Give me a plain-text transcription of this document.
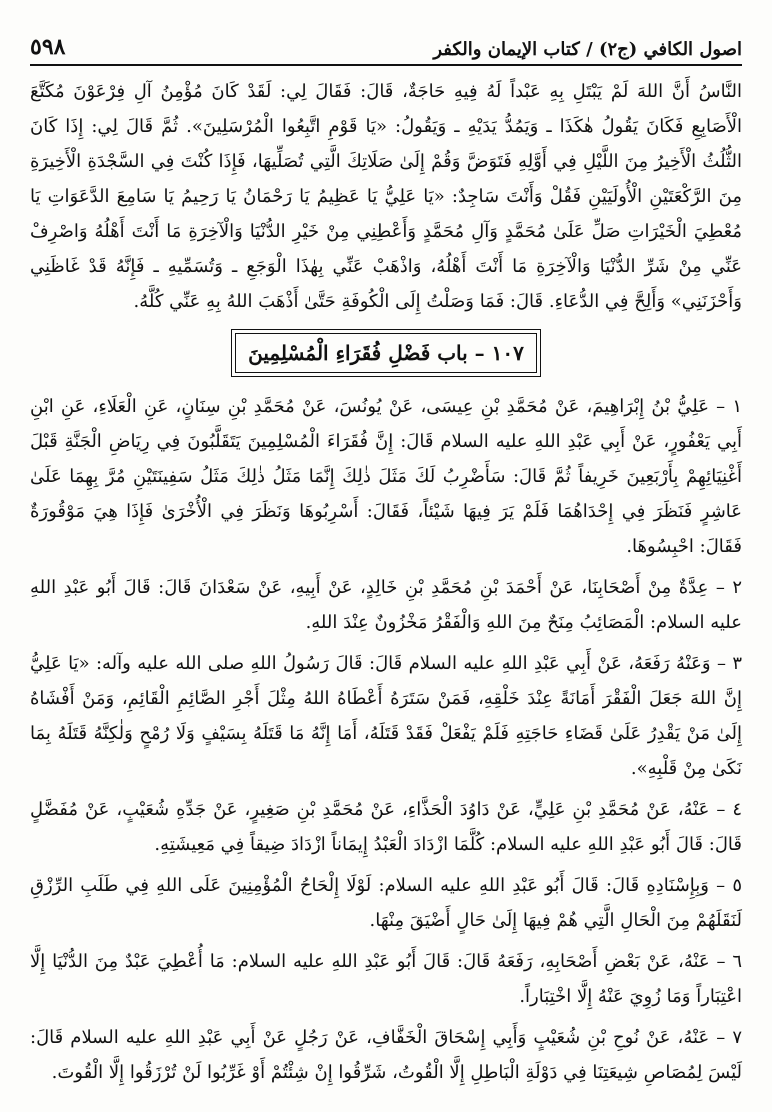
٥٩٨	اصول الكافي (ج٢) / كتاب الإيمان والكفر

النَّاسُ أَنَّ اللهَ لَمْ يَبْتَلِ بِهِ عَبْداً لَهُ فِيهِ حَاجَةٌ، قَالَ: فَقَالَ لِي: لَقَدْ كَانَ مُؤْمِنُ آلِ فِرْعَوْنَ مُكَتَّعَ الْأَصَابِعِ فَكَانَ يَقُولُ هٰكَذَا ـ وَيَمُدُّ يَدَيْهِ ـ وَيَقُولُ: «يَا قَوْمِ اتَّبِعُوا الْمُرْسَلِينَ». ثُمَّ قَالَ لِي: إِذَا كَانَ الثُّلُثُ الْأَخِيرُ مِنَ اللَّيْلِ فِي أَوَّلِهِ فَتَوَضَّ وَقُمْ إِلَىٰ صَلَاتِكَ الَّتِي تُصَلِّيهَا، فَإِذَا كُنْتَ فِي السَّجْدَةِ الْأَخِيرَةِ مِنَ الرَّكْعَتَيْنِ الْأُولَيَيْنِ فَقُلْ وَأَنْتَ سَاجِدٌ: «يَا عَلِيُّ يَا عَظِيمُ يَا رَحْمَانُ يَا رَحِيمُ يَا سَامِعَ الدَّعَوَاتِ يَا مُعْطِيَ الْخَيْرَاتِ صَلِّ عَلَىٰ مُحَمَّدٍ وَآلِ مُحَمَّدٍ وَأَعْطِنِي مِنْ خَيْرِ الدُّنْيَا وَالْآخِرَةِ مَا أَنْتَ أَهْلُهُ وَاصْرِفْ عَنِّي مِنْ شَرِّ الدُّنْيَا وَالْآخِرَةِ مَا أَنْتَ أَهْلُهُ، وَاذْهَبْ عَنِّي بِهٰذَا الْوَجَعِ ـ وَتُسَمِّيهِ ـ فَإِنَّهُ قَدْ غَاظَنِي وَأَحْزَنَنِي» وَأَلِحَّ فِي الدُّعَاءِ. قَالَ: فَمَا وَصَلْتُ إِلَى الْكُوفَةِ حَتَّىٰ أَذْهَبَ اللهُ بِهِ عَنِّي كُلَّهُ.

١٠٧ – باب فَضْلِ فُقَرَاءِ الْمُسْلِمِينَ

١ – عَلِيُّ بْنُ إِبْرَاهِيمَ، عَنْ مُحَمَّدِ بْنِ عِيسَى، عَنْ يُونُسَ، عَنْ مُحَمَّدِ بْنِ سِنَانٍ، عَنِ الْعَلَاءِ، عَنِ ابْنِ أَبِي يَعْفُورٍ، عَنْ أَبِي عَبْدِ اللهِ عليه السلام قَالَ: إِنَّ فُقَرَاءَ الْمُسْلِمِينَ يَتَقَلَّبُونَ فِي رِيَاضِ الْجَنَّةِ قَبْلَ أَغْنِيَائِهِمْ بِأَرْبَعِينَ خَرِيفاً ثُمَّ قَالَ: سَأَضْرِبُ لَكَ مَثَلَ ذٰلِكَ إِنَّمَا مَثَلُ ذٰلِكَ مَثَلُ سَفِينَتَيْنِ مُرَّ بِهِمَا عَلَىٰ عَاشِرٍ فَنَظَرَ فِي إِحْدَاهُمَا فَلَمْ يَرَ فِيهَا شَيْئاً، فَقَالَ: أَسْرِبُوهَا وَنَظَرَ فِي الْأُخْرَىٰ فَإِذَا هِيَ مَوْقُورَةٌ فَقَالَ: احْبِسُوهَا.

٢ – عِدَّةٌ مِنْ أَصْحَابِنَا، عَنْ أَحْمَدَ بْنِ مُحَمَّدِ بْنِ خَالِدٍ، عَنْ أَبِيهِ، عَنْ سَعْدَانَ قَالَ: قَالَ أَبُو عَبْدِ اللهِ عليه السلام: الْمَصَائِبُ مِنَحٌ مِنَ اللهِ وَالْفَقْرُ مَخْزُونٌ عِنْدَ اللهِ.

٣ – وَعَنْهُ رَفَعَهُ، عَنْ أَبِي عَبْدِ اللهِ عليه السلام قَالَ: قَالَ رَسُولُ اللهِ صلى الله عليه وآله: «يَا عَلِيُّ إِنَّ اللهَ جَعَلَ الْفَقْرَ أَمَانَةً عِنْدَ خَلْقِهِ، فَمَنْ سَتَرَهُ أَعْطَاهُ اللهُ مِثْلَ أَجْرِ الصَّائِمِ الْقَائِمِ، وَمَنْ أَفْشَاهُ إِلَىٰ مَنْ يَقْدِرُ عَلَىٰ قَضَاءِ حَاجَتِهِ فَلَمْ يَفْعَلْ فَقَدْ قَتَلَهُ، أَمَا إِنَّهُ مَا قَتَلَهُ بِسَيْفٍ وَلَا رُمْحٍ وَلٰكِنَّهُ قَتَلَهُ بِمَا نَكَىٰ مِنْ قَلْبِهِ».

٤ – عَنْهُ، عَنْ مُحَمَّدِ بْنِ عَلِيٍّ، عَنْ دَاوُدَ الْحَذَّاءِ، عَنْ مُحَمَّدِ بْنِ صَغِيرٍ، عَنْ جَدِّهِ شُعَيْبٍ، عَنْ مُفَضَّلٍ قَالَ: قَالَ أَبُو عَبْدِ اللهِ عليه السلام: كُلَّمَا ازْدَادَ الْعَبْدُ إِيمَاناً ازْدَادَ ضِيقاً فِي مَعِيشَتِهِ.

٥ – وَبِإِسْنَادِهِ قَالَ: قَالَ أَبُو عَبْدِ اللهِ عليه السلام: لَوْلَا إِلْحَاحُ الْمُؤْمِنِينَ عَلَى اللهِ فِي طَلَبِ الرِّزْقِ لَنَقَلَهُمْ مِنَ الْحَالِ الَّتِي هُمْ فِيهَا إِلَىٰ حَالٍ أَضْيَقَ مِنْهَا.

٦ – عَنْهُ، عَنْ بَعْضِ أَصْحَابِهِ، رَفَعَهُ قَالَ: قَالَ أَبُو عَبْدِ اللهِ عليه السلام: مَا أُعْطِيَ عَبْدٌ مِنَ الدُّنْيَا إِلَّا اعْتِبَاراً وَمَا زُوِيَ عَنْهُ إِلَّا اخْتِبَاراً.

٧ – عَنْهُ، عَنْ نُوحِ بْنِ شُعَيْبٍ وَأَبِي إِسْحَاقَ الْخَفَّافِ، عَنْ رَجُلٍ عَنْ أَبِي عَبْدِ اللهِ عليه السلام قَالَ: لَيْسَ لِمُصَاصِ شِيعَتِنَا فِي دَوْلَةِ الْبَاطِلِ إِلَّا الْقُوتُ، شَرِّقُوا إِنْ شِئْتُمْ أَوْ غَرِّبُوا لَنْ تُرْزَقُوا إِلَّا الْقُوتَ.
